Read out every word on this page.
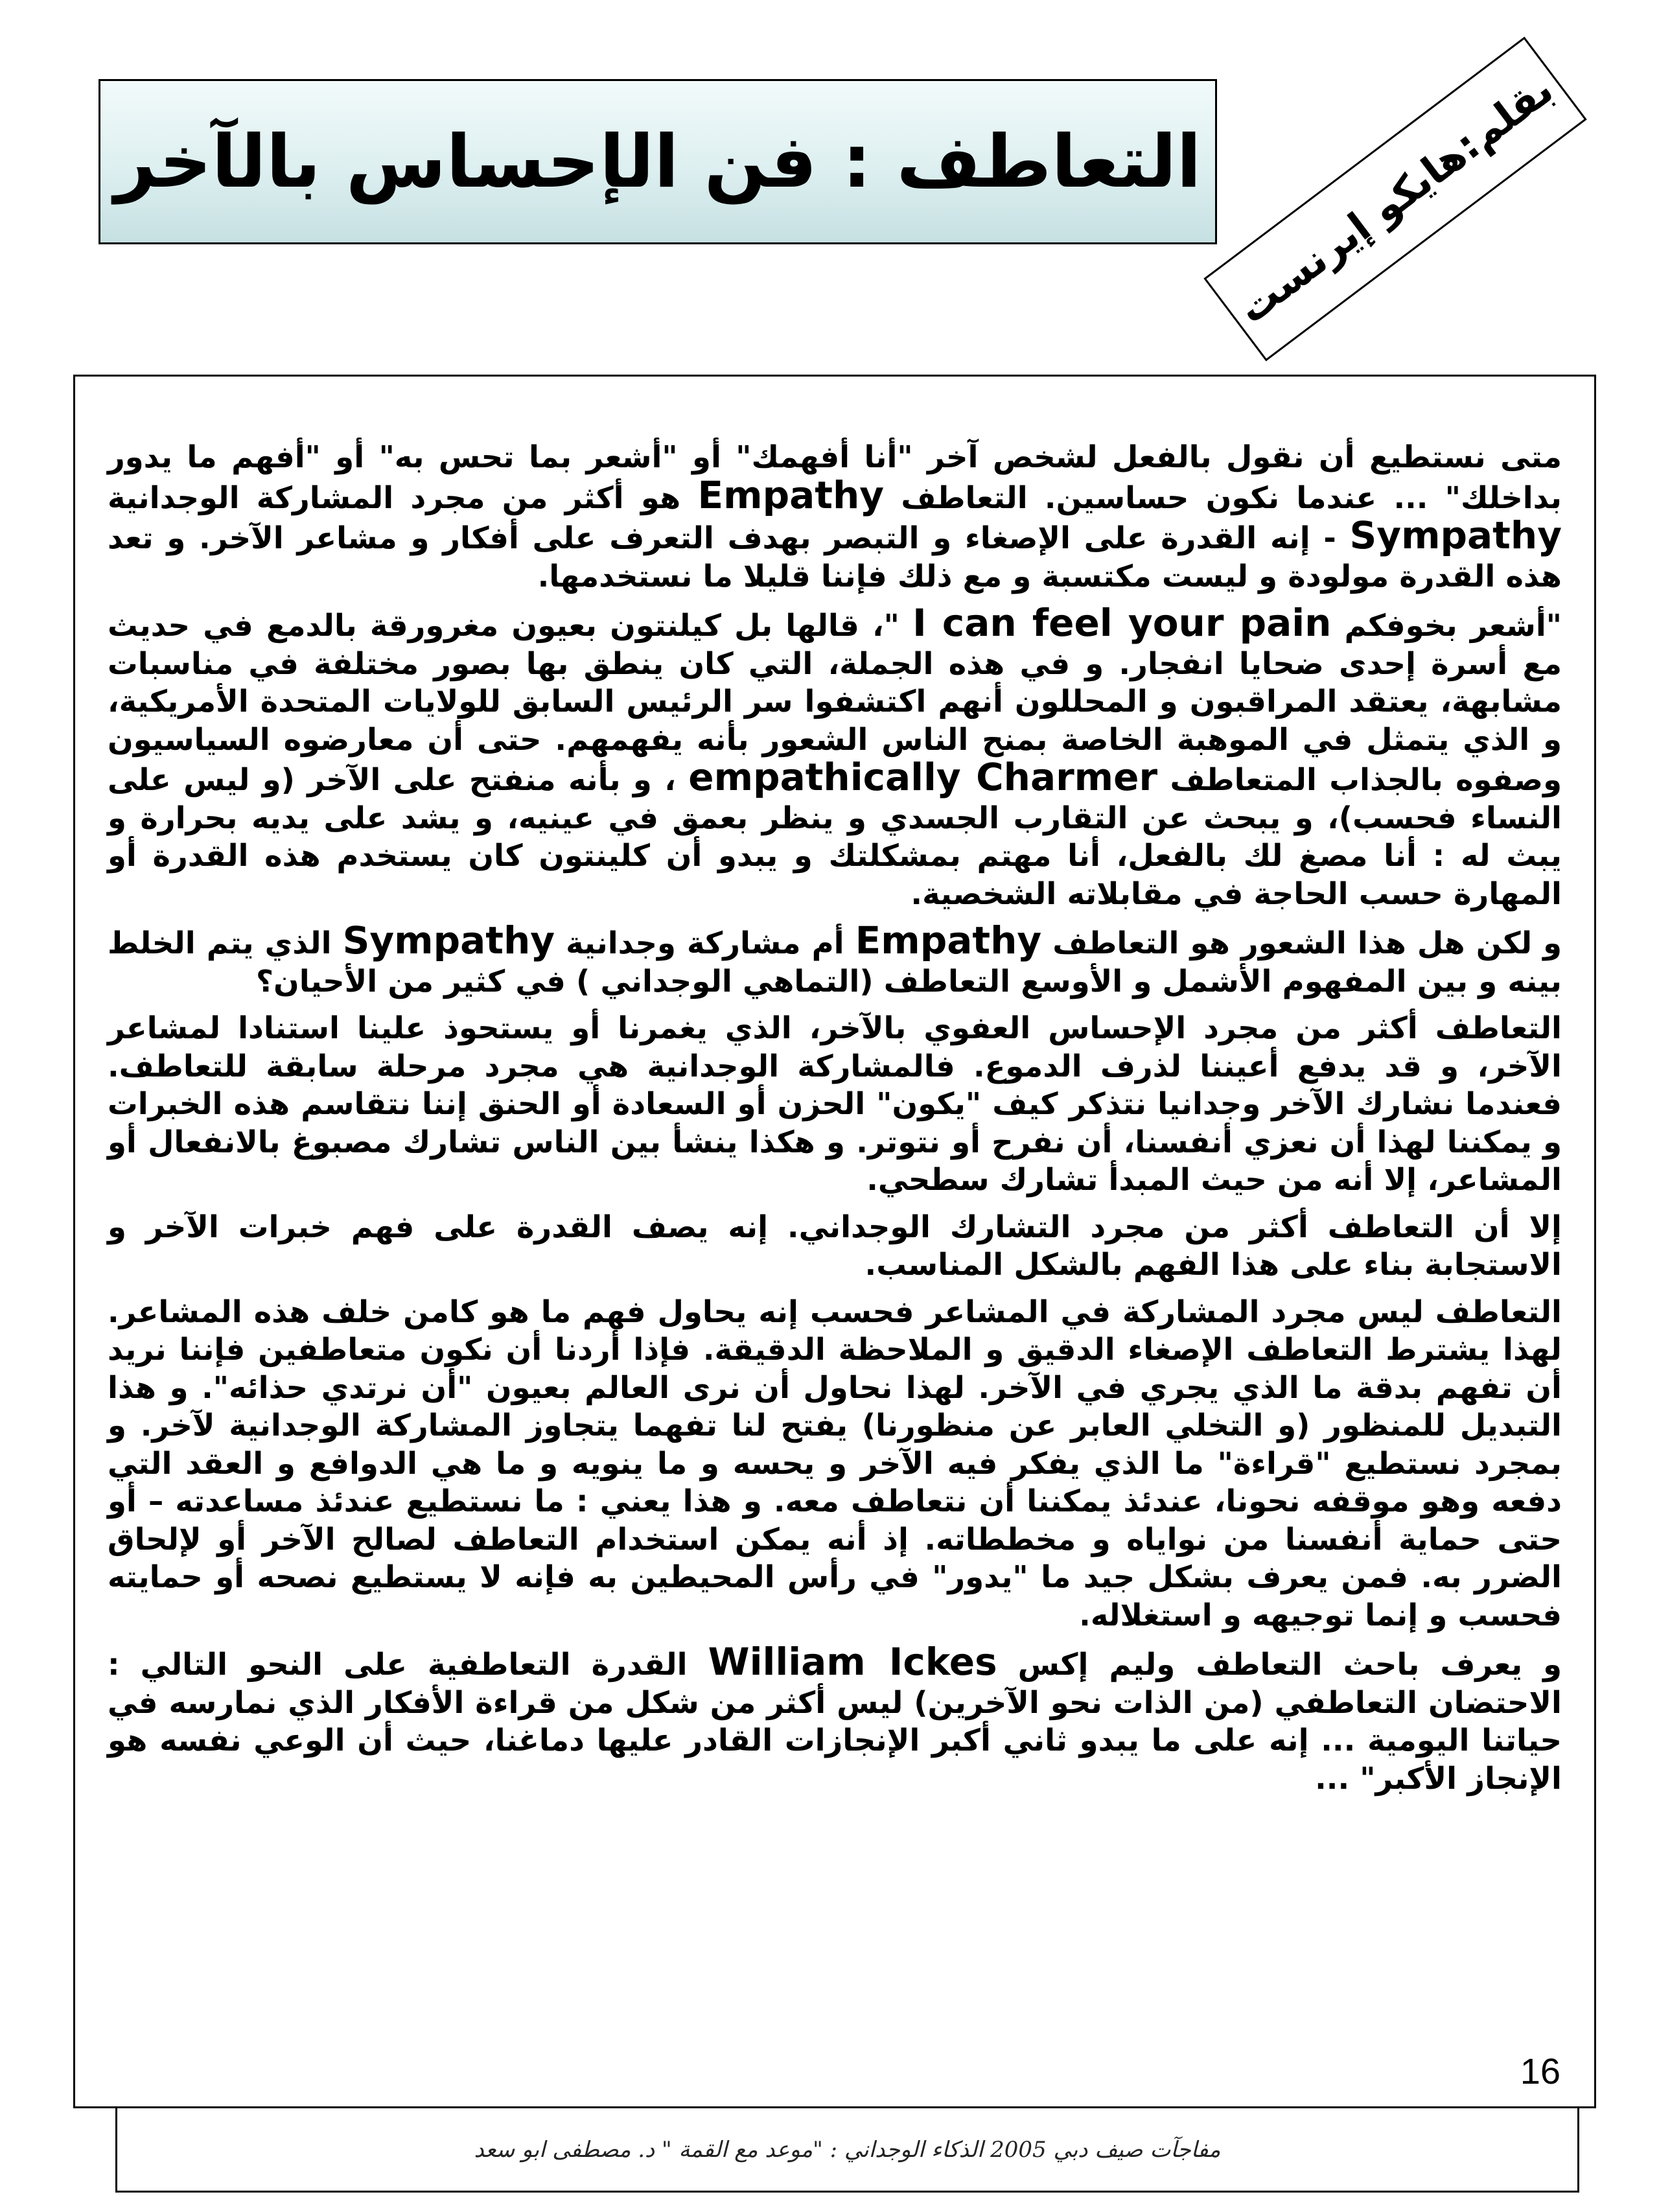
التعاطف : فن الإحساس بالآخر بقلم:هايكو إيرنست

متى نستطيع أن نقول بالفعل لشخص آخر "أنا أفهمك" أو "أشعر بما تحس به" أو "أفهم ما يدور بداخلك" ... عندما نكون حساسين. التعاطف Empathy هو أكثر من مجرد المشاركة الوجدانية Sympathy - إنه القدرة على الإصغاء و التبصر بهدف التعرف على أفكار و مشاعر الآخر. و تعد هذه القدرة مولودة و ليست مكتسبة و مع ذلك فإننا قليلا ما نستخدمها.

"أشعر بخوفكم I can feel your pain "، قالها بل كيلنتون بعيون مغرورقة بالدمع في حديث مع أسرة إحدى ضحايا انفجار. و في هذه الجملة، التي كان ينطق بها بصور مختلفة في مناسبات مشابهة، يعتقد المراقبون و المحللون أنهم اكتشفوا سر الرئيس السابق للولايات المتحدة الأمريكية، و الذي يتمثل في الموهبة الخاصة بمنح الناس الشعور بأنه يفهمهم. حتى أن معارضوه السياسيون وصفوه بالجذاب المتعاطف empathically Charmer ، و بأنه منفتح على الآخر (و ليس على النساء فحسب)، و يبحث عن التقارب الجسدي و ينظر بعمق في عينيه، و يشد على يديه بحرارة و يبث له : أنا مصغ لك بالفعل، أنا مهتم بمشكلتك و يبدو أن كلينتون كان يستخدم هذه القدرة أو المهارة حسب الحاجة في مقابلاته الشخصية.

و لكن هل هذا الشعور هو التعاطف Empathy أم مشاركة وجدانية Sympathy الذي يتم الخلط بينه و بين المفهوم الأشمل و الأوسع التعاطف (التماهي الوجداني ) في كثير من الأحيان؟

التعاطف أكثر من مجرد الإحساس العفوي بالآخر، الذي يغمرنا أو يستحوذ علينا استنادا لمشاعر الآخر، و قد يدفع أعيننا لذرف الدموع. فالمشاركة الوجدانية هي مجرد مرحلة سابقة للتعاطف. فعندما نشارك الآخر وجدانيا نتذكر كيف "يكون" الحزن أو السعادة أو الحنق إننا نتقاسم هذه الخبرات و يمكننا لهذا أن نعزي أنفسنا، أن نفرح أو نتوتر. و هكذا ينشأ بين الناس تشارك مصبوغ بالانفعال أو المشاعر، إلا أنه من حيث المبدأ تشارك سطحي.

إلا أن التعاطف أكثر من مجرد التشارك الوجداني. إنه يصف القدرة على فهم خبرات الآخر و الاستجابة بناء على هذا الفهم بالشكل المناسب.

التعاطف ليس مجرد المشاركة في المشاعر فحسب إنه يحاول فهم ما هو كامن خلف هذه المشاعر. لهذا يشترط التعاطف الإصغاء الدقيق و الملاحظة الدقيقة. فإذا أردنا أن نكون متعاطفين فإننا نريد أن تفهم بدقة ما الذي يجري في الآخر. لهذا نحاول أن نرى العالم بعيون "أن نرتدي حذائه". و هذا التبديل للمنظور (و التخلي العابر عن منظورنا) يفتح لنا تفهما يتجاوز المشاركة الوجدانية لآخر. و بمجرد نستطيع "قراءة" ما الذي يفكر فيه الآخر و يحسه و ما ينويه و ما هي الدوافع و العقد التي دفعه وهو موقفه نحونا، عندئذ يمكننا أن نتعاطف معه. و هذا يعني : ما نستطيع عندئذ مساعدته – أو حتى حماية أنفسنا من نواياه و مخططاته. إذ أنه يمكن استخدام التعاطف لصالح الآخر أو لإلحاق الضرر به. فمن يعرف بشكل جيد ما "يدور" في رأس المحيطين به فإنه لا يستطيع نصحه أو حمايته فحسب و إنما توجيهه و استغلاله.

و يعرف باحث التعاطف وليم إكس William Ickes القدرة التعاطفية على النحو التالي : الاحتضان التعاطفي (من الذات نحو الآخرين) ليس أكثر من شكل من قراءة الأفكار الذي نمارسه في حياتنا اليومية ... إنه على ما يبدو ثاني أكبر الإنجازات القادر عليها دماغنا، حيث أن الوعي نفسه هو الإنجاز الأكبر" ...

16
مفاجآت صيف دبي 2005 الذكاء الوجداني : "موعد مع القمة " د. مصطفى ابو سعد
